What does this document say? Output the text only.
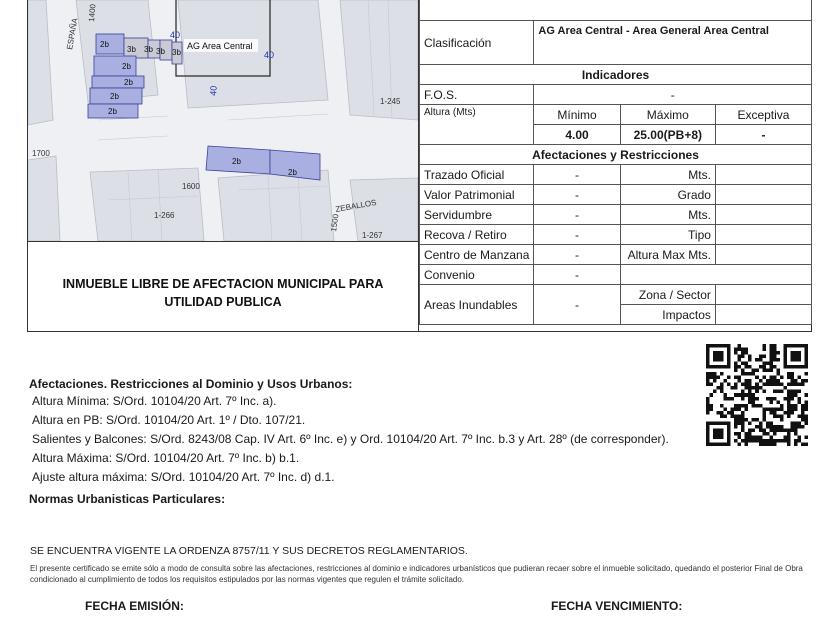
2b
3b 3b 3b 3b
2b
2b
2b
2b
2b
2b
AG Area Central
ESPAÑA
1400
40
40
40
1-245
1700
1600
ZEBALLOS
1-266	1500
1-267
INMUEBLE LIBRE DE AFECTACION MUNICIPAL PARA UTILIDAD PUBLICA

Clasificación	AG Area Central - Area General Area Central		
Indicadores			
F.O.S.	-		
Altura (Mts)	Mínimo	Máximo	Exceptiva
	4.00	25.00(PB+8)	-
Afectaciones y Restricciones			
Trazado Oficial	-	Mts.	
Valor Patrimonial	-	Grado	
Servidumbre	-	Mts.	
Recova / Retiro	-	Tipo	
Centro de Manzana	-	Altura Max Mts.	
Convenio	-		
Areas Inundables	-	Zona / Sector	
		Impactos	
Afectaciones. Restricciones al Dominio y Usos Urbanos:
Altura Mínima: S/Ord. 10104/20 Art. 7º Inc. a).
Altura en PB: S/Ord. 10104/20 Art. 1º / Dto. 107/21.
Salientes y Balcones: S/Ord. 8243/08 Cap. IV Art. 6º Inc. e) y Ord. 10104/20 Art. 7º Inc. b.3 y Art. 28º (de corresponder).
Altura Máxima: S/Ord. 10104/20 Art. 7º Inc. b) b.1.
Ajuste altura máxima: S/Ord. 10104/20 Art. 7º Inc. d) d.1.
Normas Urbanisticas Particulares:
SE ENCUENTRA VIGENTE LA ORDENZA 8757/11 Y SUS DECRETOS REGLAMENTARIOS.
El presente certificado se emite sólo a modo de consulta sobre las afectaciones, restricciones al dominio e indicadores urbanísticos que pudieran recaer sobre el inmueble solicitado, quedando el posterior Final de Obra condicionado al cumplimiento de todos los requisitos estipulados por las normas vigentes que regulen el trámite solicitado.
FECHA EMISIÓN:	FECHA VENCIMIENTO:
